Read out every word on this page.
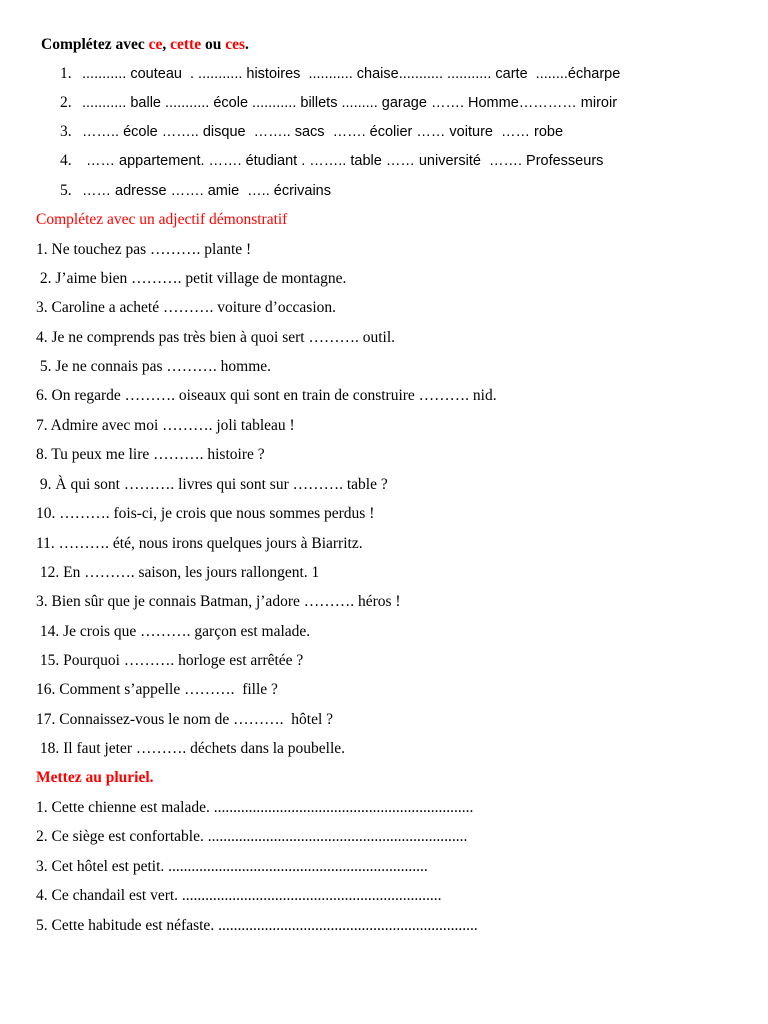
Complétez avec ce, cette ou ces.
1. ........... couteau  . ........... histoires  ........... chaise........... ........... carte  ........écharpe
2. ........... balle ........... école ........... billets ......... garage ……. Homme………… miroir
3. …….. école …….. disque  …….. sacs  ……. écolier …… voiture  …… robe
4. …… appartement. ……. étudiant . …….. table …… université  ……. Professeurs
5. …… adresse ……. amie  ….. écrivains
Complétez avec un adjectif démonstratif
1. Ne touchez pas ………. plante !
2. J’aime bien ………. petit village de montagne.
3. Caroline a acheté ………. voiture d’occasion.
4. Je ne comprends pas très bien à quoi sert ………. outil.
5. Je ne connais pas ………. homme.
6. On regarde ………. oiseaux qui sont en train de construire ………. nid.
7. Admire avec moi ………. joli tableau !
8. Tu peux me lire ………. histoire ?
9. À qui sont ………. livres qui sont sur ………. table ?
10. ………. fois-ci, je crois que nous sommes perdus !
11. ………. été, nous irons quelques jours à Biarritz.
12. En ………. saison, les jours rallongent. 1
3. Bien sûr que je connais Batman, j’adore ………. héros !
14. Je crois que ………. garçon est malade.
15. Pourquoi ………. horloge est arrêtée ?
16. Comment s’appelle ……….  fille ?
17. Connaissez-vous le nom de ……….  hôtel ?
18. Il faut jeter ………. déchets dans la poubelle.
Mettez au pluriel.
1. Cette chienne est malade. ...................................................................
2. Ce siège est confortable. ...................................................................
3. Cet hôtel est petit. ...................................................................
4. Ce chandail est vert. ...................................................................
5. Cette habitude est néfaste. ...................................................................
